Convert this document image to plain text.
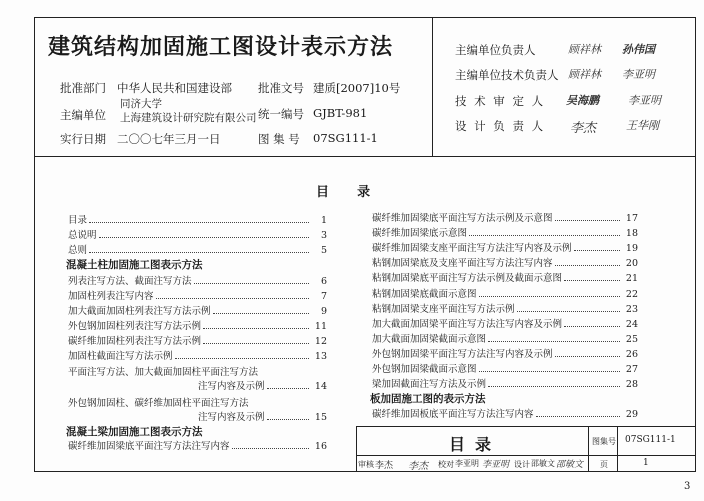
建筑结构加固施工图设计表示方法
批准部门 中华人民共和国建设部 批准文号 建质[2007]10号
主编单位
同济大学
上海建筑设计研究院有限公司 统一编号 GJBT-981
实行日期 二〇〇七年三月一日	图 集 号 07SG111-1
主编单位负责人	顾祥林 孙伟国
主编单位技术负责人 顾祥林 李亚明
技 术 审 定 人 吴海鹏	李亚明
设 计 负 责 人 李杰	王华刚
目    录
目录	1
总说明	3
总则	5
混凝土柱加固施工图表示方法
列表注写方法、截面注写方法	6
加固柱列表注写内容	7
加大截面加固柱列表注写方法示例	9
外包钢加固柱列表注写方法示例	11
碳纤维加固柱列表注写方法示例	12
加固柱截面注写方法示例	13
平面注写方法、加大截面加固柱平面注写方法
注写内容及示例	14
外包钢加固柱、碳纤维加固柱平面注写方法
注写内容及示例	15
混凝土梁加固施工图表示方法
碳纤维加固梁底平面注写方法注写内容	16
碳纤维加固梁底平面注写方法示例及示意图	17
碳纤维加固梁底示意图	18
碳纤维加固梁支座平面注写方法注写内容及示例	19
粘钢加固梁底及支座平面注写方法注写内容	20
粘钢加固梁底平面注写方法示例及截面示意图	21
粘钢加固梁底截面示意图	22
粘钢加固梁支座平面注写方法示例	23
加大截面加固梁平面注写方法注写内容及示例	24
加大截面加固梁截面示意图	25
外包钢加固梁平面注写方法注写内容及示例	26
外包钢加固梁截面示意图	27
梁加固截面注写方法及示例	28
板加固施工图的表示方法
碳纤维加固板底平面注写方法注写内容	29
目录	图集号 07SG111-1
审核 李杰 李杰 校对 李亚明 李亚明 设计 邵敏文 邵敏文 页	1
3
